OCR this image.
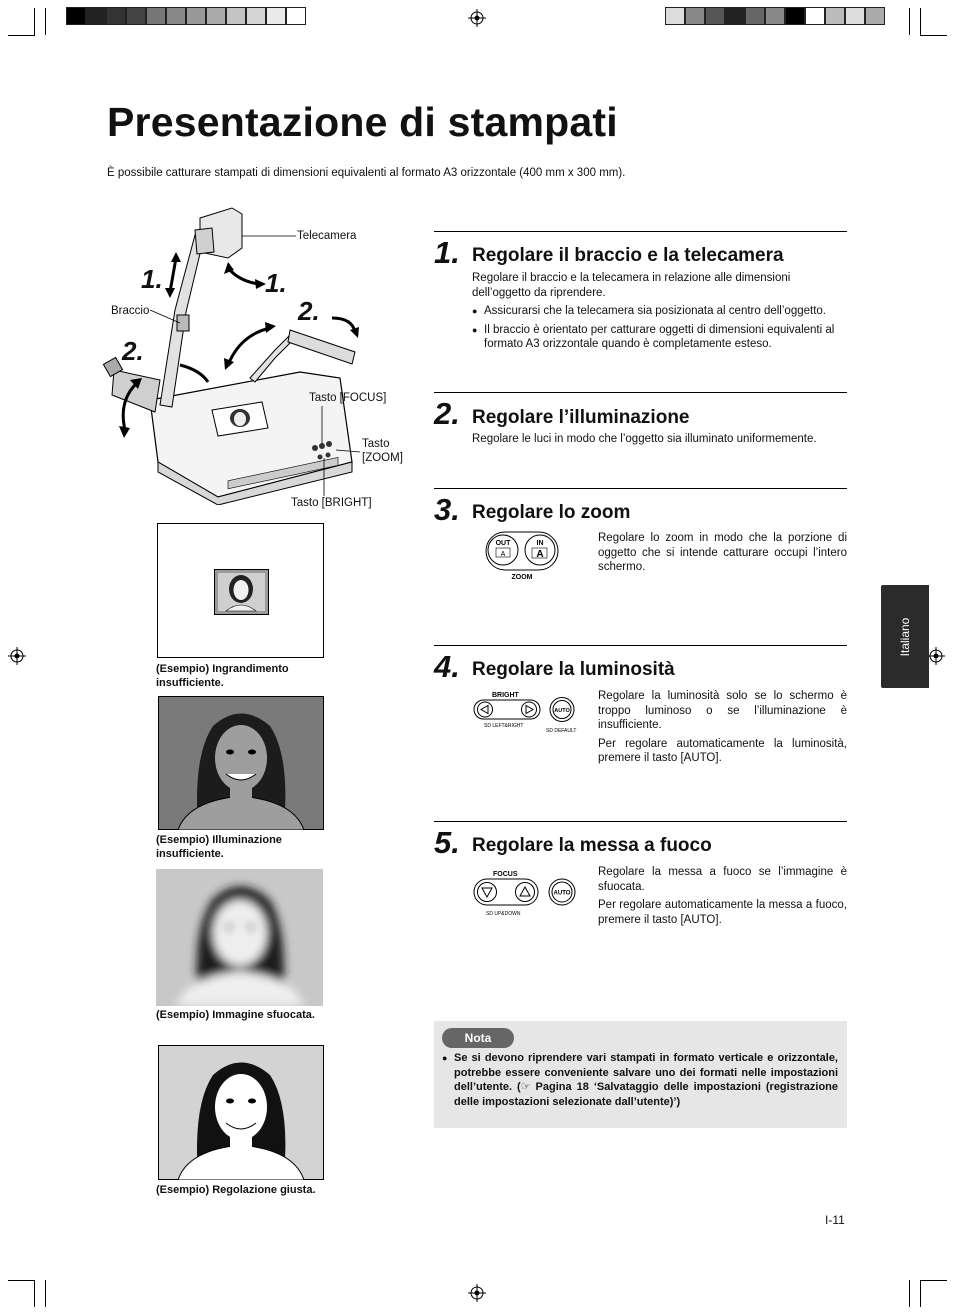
Presentazione di stampati
È possibile catturare stampati di dimensioni equivalenti al formato A3 orizzontale (400 mm x 300 mm).
Telecamera
Braccio
Tasto [FOCUS]
Tasto
[ZOOM]
Tasto [BRIGHT]
1.	1.
2.
2.
(Esempio) Ingrandimento insufficiente.
(Esempio) Illuminazione insufficiente.
(Esempio) Immagine sfuocata.
(Esempio) Regolazione giusta.
1. Regolare il braccio e la telecamera
Regolare il braccio e la telecamera in relazione alle dimensioni dell’oggetto da riprendere.
● Assicurarsi che la telecamera sia posizionata al centro dell’oggetto.
● Il braccio è orientato per catturare oggetti di dimensioni equivalenti al formato A3 orizzontale quando è completamente esteso.
2. Regolare l’illuminazione
Regolare le luci in modo che l’oggetto sia illuminato uniformemente.
3. Regolare lo zoom
OUT
A
IN
A
ZOOM
Regolare lo zoom in modo che la porzione di oggetto che si intende catturare occupi l’intero schermo.
4. Regolare la luminosità
BRIGHT
AUTO
SD LEFT&RIGHT
SD DEFAULT
Regolare la luminosità solo se lo schermo è troppo luminoso o se l’illuminazione è insufficiente.
Per regolare automaticamente la luminosità, premere il tasto [AUTO].
5. Regolare la messa a fuoco
FOCUS
AUTO
SD UP&DOWN
Regolare la messa a fuoco se l’immagine è sfuocata.
Per regolare automaticamente la messa a fuoco, premere il tasto [AUTO].
Nota
● Se si devono riprendere vari stampati in formato verticale e orizzontale, potrebbe essere conveniente salvare uno dei formati nelle impostazioni dell’utente. (☞ Pagina 18 ‘Salvataggio delle impostazioni (registrazione delle impostazioni selezionate dall’utente)’)
Italiano
I-11
